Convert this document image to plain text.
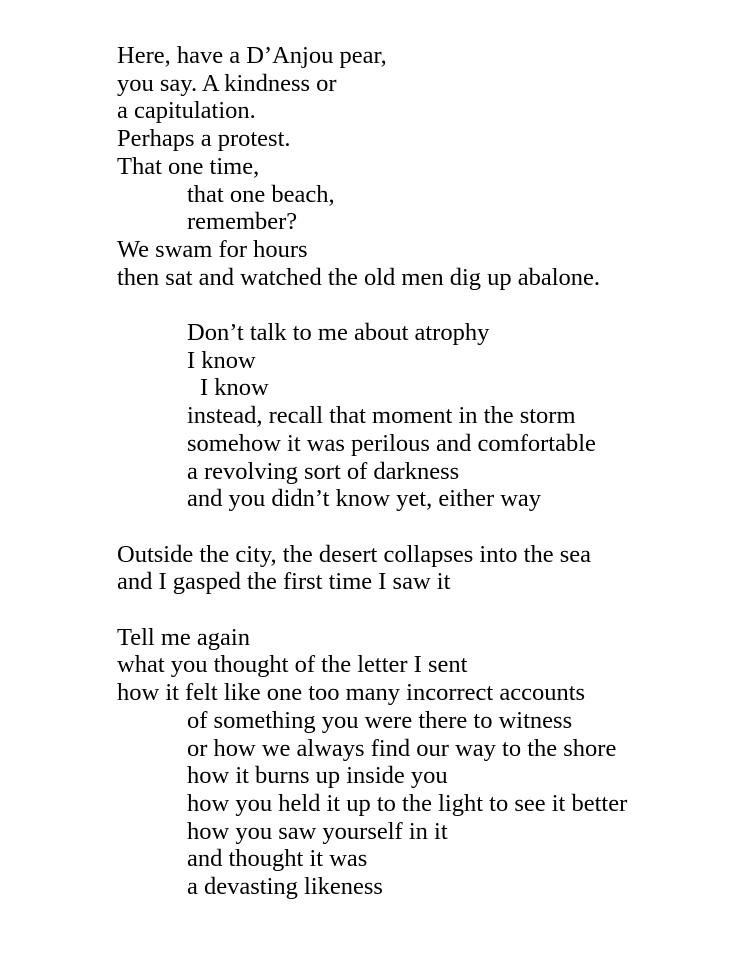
Here, have a D’Anjou pear,
you say. A kindness or
a capitulation.
Perhaps a protest.
That one time,
that one beach,
remember?
We swam for hours
then sat and watched the old men dig up abalone.
Don’t talk to me about atrophy
I know
I know
instead, recall that moment in the storm
somehow it was perilous and comfortable
a revolving sort of darkness
and you didn’t know yet, either way
Outside the city, the desert collapses into the sea
and I gasped the first time I saw it
Tell me again
what you thought of the letter I sent
how it felt like one too many incorrect accounts
of something you were there to witness
or how we always find our way to the shore
how it burns up inside you
how you held it up to the light to see it better
how you saw yourself in it
and thought it was
a devasting likeness
